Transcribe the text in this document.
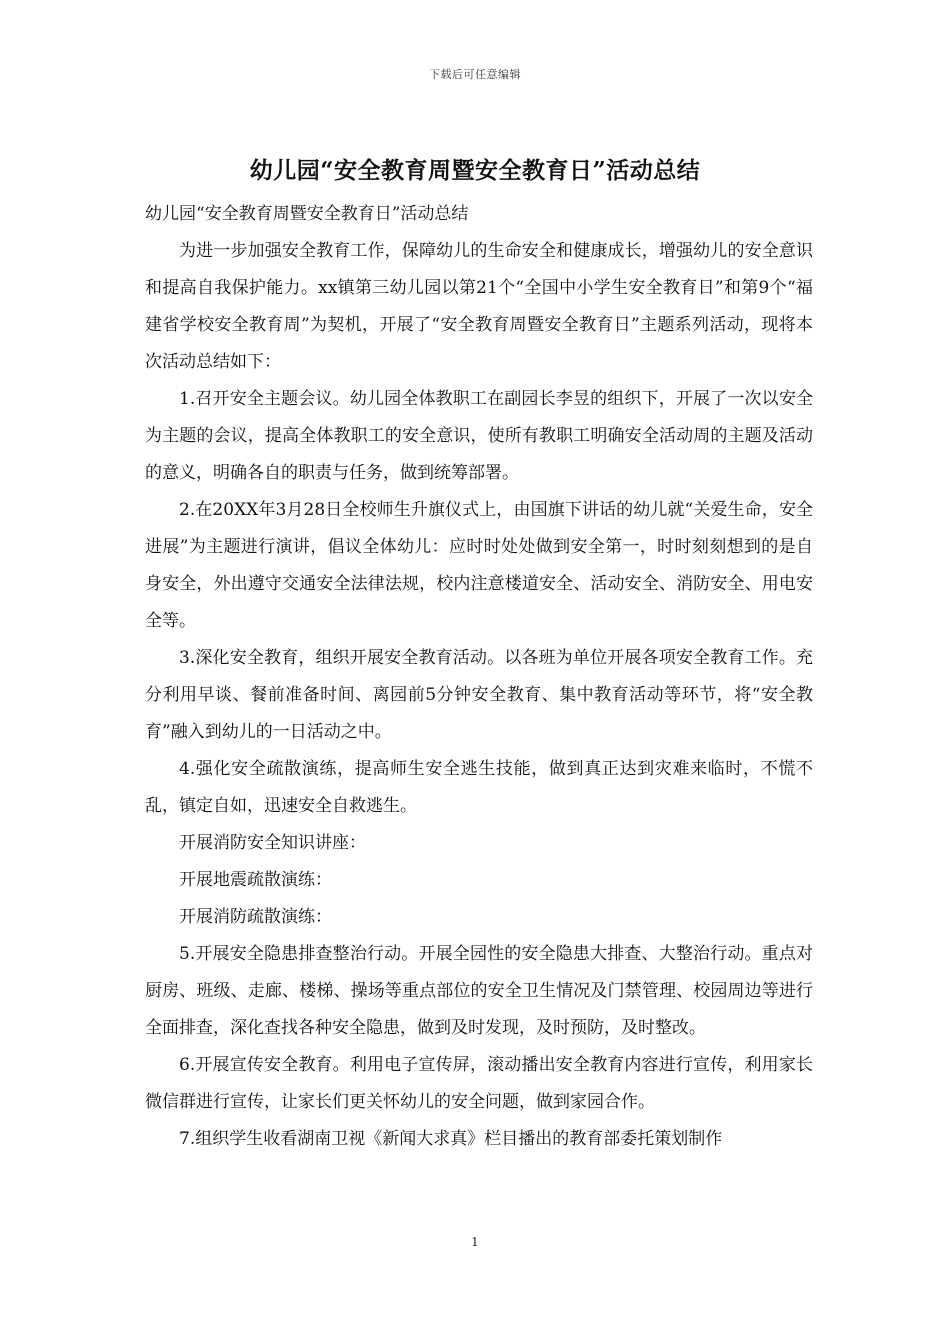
下载后可任意编辑
幼儿园“安全教育周暨安全教育日”活动总结

幼儿园“安全教育周暨安全教育日”活动总结

为进一步加强安全教育工作，保障幼儿的生命安全和健康成长，增强幼儿的安全意识和提高自我保护能力。xx镇第三幼儿园以第21个“全国中小学生安全教育日”和第9个“福建省学校安全教育周”为契机，开展了“安全教育周暨安全教育日”主题系列活动，现将本次活动总结如下：

1.召开安全主题会议。幼儿园全体教职工在副园长李昱的组织下，开展了一次以安全为主题的会议，提高全体教职工的安全意识，使所有教职工明确安全活动周的主题及活动的意义，明确各自的职责与任务，做到统筹部署。

2.在20XX年3月28日全校师生升旗仪式上，由国旗下讲话的幼儿就“关爱生命，安全进展”为主题进行演讲，倡议全体幼儿：应时时处处做到安全第一，时时刻刻想到的是自身安全，外出遵守交通安全法律法规，校内注意楼道安全、活动安全、消防安全、用电安全等。

3.深化安全教育，组织开展安全教育活动。以各班为单位开展各项安全教育工作。充分利用早谈、餐前准备时间、离园前5分钟安全教育、集中教育活动等环节，将“安全教育”融入到幼儿的一日活动之中。

4.强化安全疏散演练，提高师生安全逃生技能，做到真正达到灾难来临时，不慌不乱，镇定自如，迅速安全自救逃生。

开展消防安全知识讲座：

开展地震疏散演练：

开展消防疏散演练：

5.开展安全隐患排查整治行动。开展全园性的安全隐患大排查、大整治行动。重点对厨房、班级、走廊、楼梯、操场等重点部位的安全卫生情况及门禁管理、校园周边等进行全面排查，深化查找各种安全隐患，做到及时发现，及时预防，及时整改。

6.开展宣传安全教育。利用电子宣传屏，滚动播出安全教育内容进行宣传，利用家长微信群进行宣传，让家长们更关怀幼儿的安全问题，做到家园合作。

7.组织学生收看湖南卫视《新闻大求真》栏目播出的教育部委托策划制作

1
